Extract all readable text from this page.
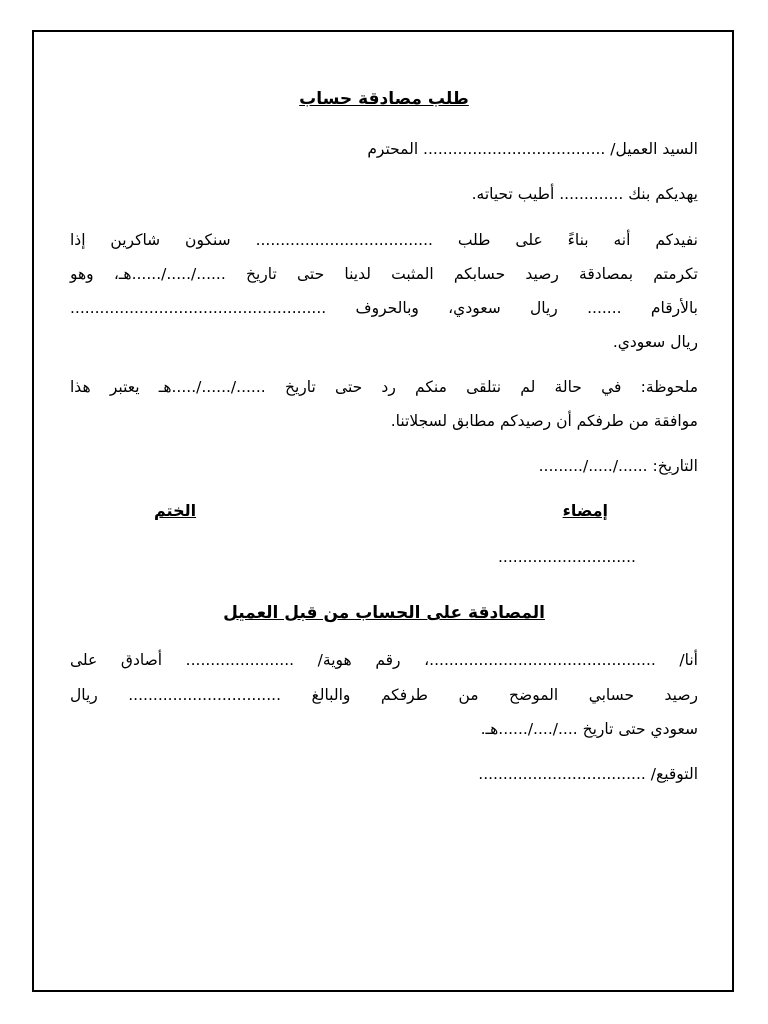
طلب مصادقة حساب
السيد العميل/ ..................................... المحترم
يهديكم بنك ............. أطيب تحياته.
نفيدكم أنه بناءً على طلب .................................... سنكون شاكرين إذا
تكرمتم بمصادقة رصيد حسابكم المثبت لدينا حتى تاريخ ....../...../......هـ، وهو
بالأرقام ....... ريال سعودي، وبالحروف ....................................................
ريال سعودي.
ملحوظة: في حالة لم نتلقى منكم رد حتى تاريخ ....../....../.....هـ يعتبر هذا
موافقة من طرفكم أن رصيدكم مطابق لسجلاتنا.
التاريخ: ....../...../.........
إمضاء
الختم
............................
المصادقة على الحساب من قبل العميل
أنا/ ..............................................، رقم هوية/ ...................... أصادق على
رصيد حسابي الموضح من طرفكم والبالغ ............................... ريال
سعودي حتى تاريخ ..../..../......هـ.
التوقيع/ ..................................
